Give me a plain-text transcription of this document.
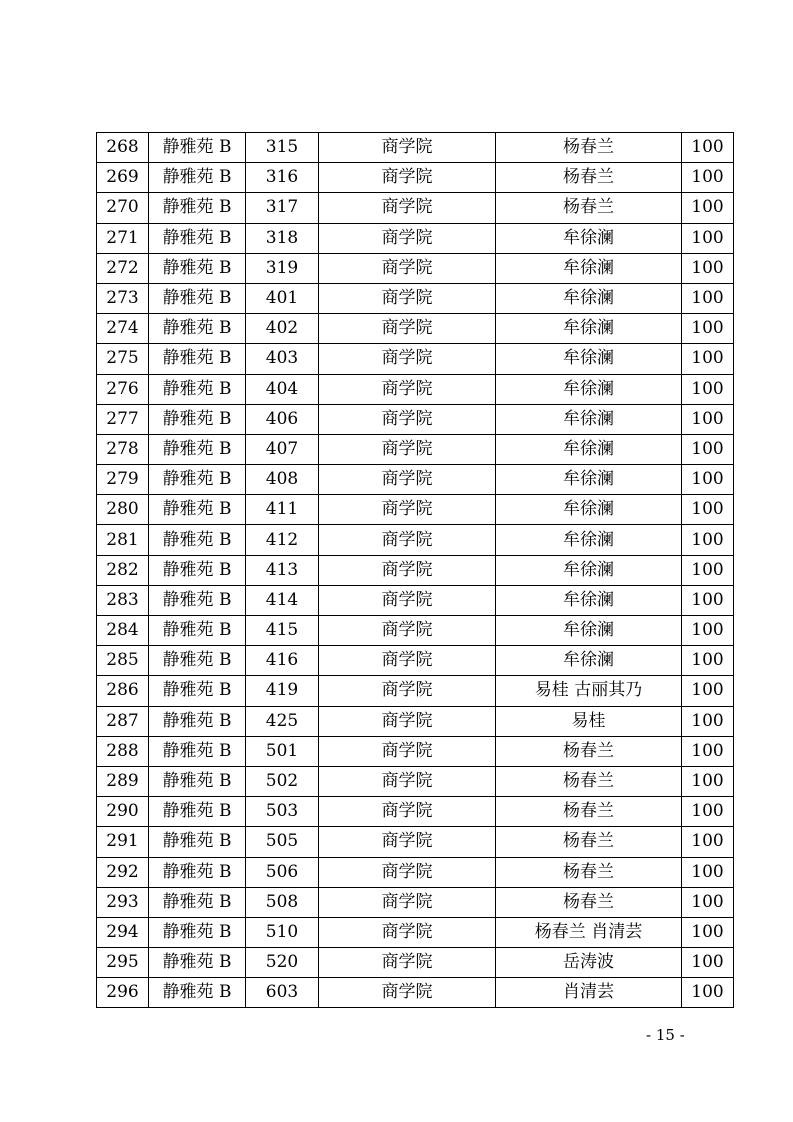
268	静雅苑 B	315	商学院	杨春兰	100
269	静雅苑 B	316	商学院	杨春兰	100
270	静雅苑 B	317	商学院	杨春兰	100
271	静雅苑 B	318	商学院	牟徐澜	100
272	静雅苑 B	319	商学院	牟徐澜	100
273	静雅苑 B	401	商学院	牟徐澜	100
274	静雅苑 B	402	商学院	牟徐澜	100
275	静雅苑 B	403	商学院	牟徐澜	100
276	静雅苑 B	404	商学院	牟徐澜	100
277	静雅苑 B	406	商学院	牟徐澜	100
278	静雅苑 B	407	商学院	牟徐澜	100
279	静雅苑 B	408	商学院	牟徐澜	100
280	静雅苑 B	411	商学院	牟徐澜	100
281	静雅苑 B	412	商学院	牟徐澜	100
282	静雅苑 B	413	商学院	牟徐澜	100
283	静雅苑 B	414	商学院	牟徐澜	100
284	静雅苑 B	415	商学院	牟徐澜	100
285	静雅苑 B	416	商学院	牟徐澜	100
286	静雅苑 B	419	商学院	易桂 古丽其乃	100
287	静雅苑 B	425	商学院	易桂	100
288	静雅苑 B	501	商学院	杨春兰	100
289	静雅苑 B	502	商学院	杨春兰	100
290	静雅苑 B	503	商学院	杨春兰	100
291	静雅苑 B	505	商学院	杨春兰	100
292	静雅苑 B	506	商学院	杨春兰	100
293	静雅苑 B	508	商学院	杨春兰	100
294	静雅苑 B	510	商学院	杨春兰 肖清芸	100
295	静雅苑 B	520	商学院	岳涛波	100
296	静雅苑 B	603	商学院	肖清芸	100
- 15 -
